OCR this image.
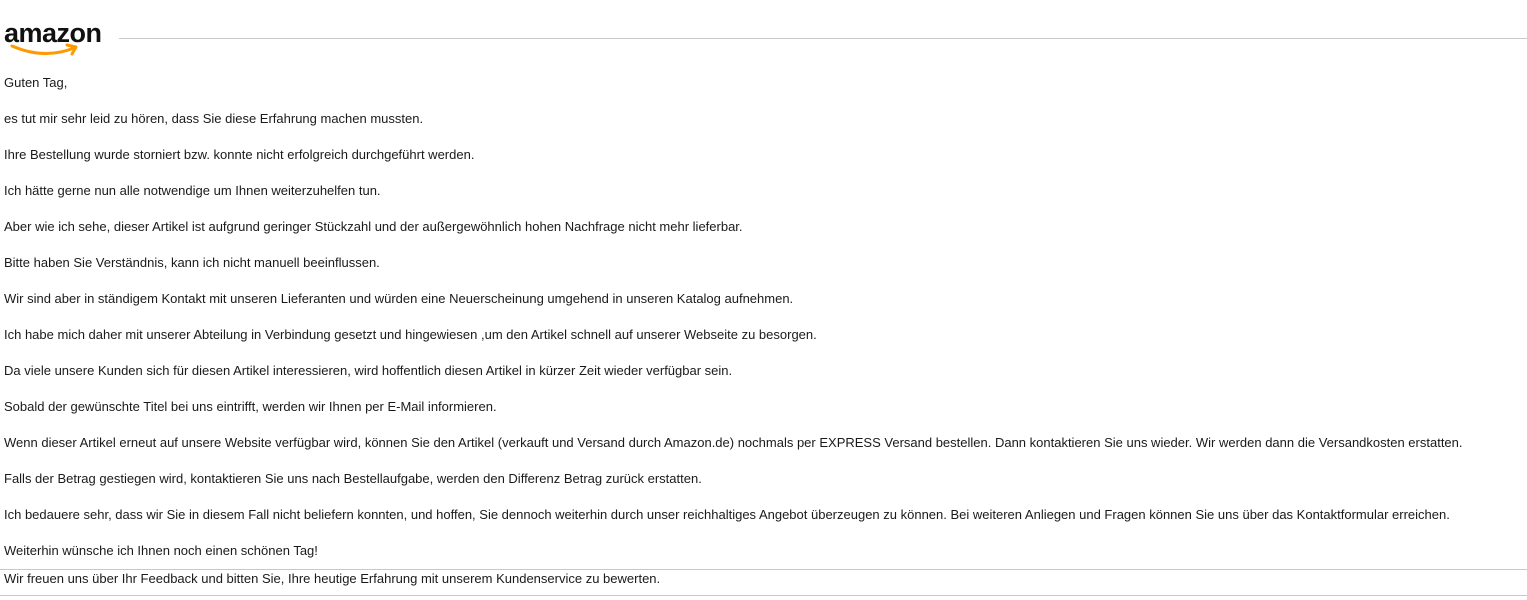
amazon

Guten Tag,

es tut mir sehr leid zu hören, dass Sie diese Erfahrung machen mussten.

Ihre Bestellung wurde storniert bzw. konnte nicht erfolgreich durchgeführt werden.

Ich hätte gerne nun alle notwendige um Ihnen weiterzuhelfen tun.

Aber wie ich sehe, dieser Artikel ist aufgrund geringer Stückzahl und der außergewöhnlich hohen Nachfrage nicht mehr lieferbar.

Bitte haben Sie Verständnis, kann ich nicht manuell beeinflussen.

Wir sind aber in ständigem Kontakt mit unseren Lieferanten und würden eine Neuerscheinung umgehend in unseren Katalog aufnehmen.

Ich habe mich daher mit unserer Abteilung in Verbindung gesetzt und hingewiesen ,um den Artikel schnell auf unserer Webseite zu besorgen.

Da viele unsere Kunden sich für diesen Artikel interessieren, wird hoffentlich diesen Artikel in kürzer Zeit wieder verfügbar sein.

Sobald der gewünschte Titel bei uns eintrifft, werden wir Ihnen per E-Mail informieren.

Wenn dieser Artikel erneut auf unsere Website verfügbar wird, können Sie den Artikel (verkauft und Versand durch Amazon.de) nochmals per EXPRESS Versand bestellen. Dann kontaktieren Sie uns wieder. Wir werden dann die Versandkosten erstatten.

Falls der Betrag gestiegen wird, kontaktieren Sie uns nach Bestellaufgabe, werden den Differenz Betrag zurück erstatten.

Ich bedauere sehr, dass wir Sie in diesem Fall nicht beliefern konnten, und hoffen, Sie dennoch weiterhin durch unser reichhaltiges Angebot überzeugen zu können. Bei weiteren Anliegen und Fragen können Sie uns über das Kontaktformular erreichen.

Weiterhin wünsche ich Ihnen noch einen schönen Tag!

Wir freuen uns über Ihr Feedback und bitten Sie, Ihre heutige Erfahrung mit unserem Kundenservice zu bewerten.
